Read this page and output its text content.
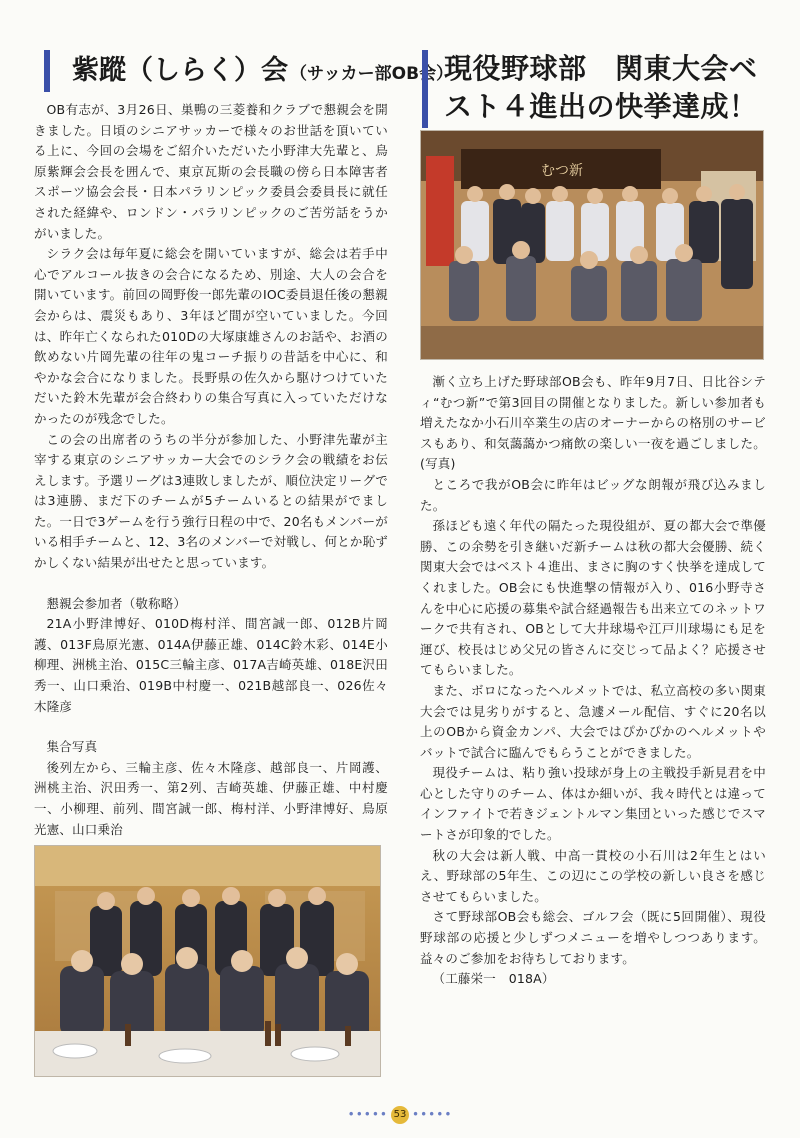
紫蹤（しらく）会 （サッカー部OB会）

OB有志が、3月26日、巣鴨の三菱養和クラブで懇親会を開きました。日頃のシニアサッカーで様々のお世話を頂いている上に、今回の会場をご紹介いただいた小野津大先輩と、鳥原紫輝会会長を囲んで、東京瓦斯の会長職の傍ら日本障害者スポーツ協会会長・日本パラリンピック委員会委員長に就任された経緯や、ロンドン・パラリンピックのご苦労話をうかがいました。

シラク会は毎年夏に総会を開いていますが、総会は若手中心でアルコール抜きの会合になるため、別途、大人の会合を開いています。前回の岡野俊一郎先輩のIOC委員退任後の懇親会からは、震災もあり、3年ほど間が空いていました。今回は、昨年亡くなられた010Dの大塚康雄さんのお話や、お酒の飲めない片岡先輩の往年の鬼コーチ振りの昔話を中心に、和やかな会合になりました。長野県の佐久から駆けつけていただいた鈴木先輩が会合終わりの集合写真に入っていただけなかったのが残念でした。

この会の出席者のうちの半分が参加した、小野津先輩が主宰する東京のシニアサッカー大会でのシラク会の戦績をお伝えします。予選リーグは3連敗しましたが、順位決定リーグでは3連勝、まだ下のチームが5チームいるとの結果がでました。一日で3ゲームを行う強行日程の中で、20名もメンバーがいる相手チームと、12、3名のメンバーで対戦し、何とか恥ずかしくない結果が出せたと思っています。

懇親会参加者（敬称略）

21A小野津博好、010D梅村洋、間宮誠一郎、012B片岡護、013F鳥原光憲、014A伊藤正雄、014C鈴木彩、014E小柳理、洲桃主治、015C三輪主彦、017A吉崎英雄、018E沢田秀一、山口乗治、019B中村慶一、021B越部良一、026佐々木隆彦

集合写真

後列左から、三輪主彦、佐々木隆彦、越部良一、片岡護、洲桃主治、沢田秀一、第2列、吉崎英雄、伊藤正雄、中村慶一、小柳理、前列、間宮誠一郎、梅村洋、小野津博好、鳥原光憲、山口乗治

現役野球部　関東大会ベ
スト４進出の快挙達成！

漸く立ち上げた野球部OB会も、昨年9月7日、日比谷シティ“むつ新”で第3回目の開催となりました。新しい参加者も増えたなか小石川卒業生の店のオーナーからの格別のサービスもあり、和気藹藹かつ痛飲の楽しい一夜を過ごしました。(写真)

ところで我がOB会に昨年はビッグな朗報が飛び込みました。

孫ほども遠く年代の隔たった現役組が、夏の都大会で準優勝、この余勢を引き継いだ新チームは秋の都大会優勝、続く関東大会ではベスト４進出、まさに胸のすく快挙を達成してくれました。OB会にも快進撃の情報が入り、016小野寺さんを中心に応援の募集や試合経過報告も出来立てのネットワークで共有され、OBとして大井球場や江戸川球場にも足を運び、校長はじめ父兄の皆さんに交じって品よく？応援させてもらいました。

また、ボロになったヘルメットでは、私立高校の多い関東大会では見劣りがすると、急遽メール配信、すぐに20名以上のOBから資金カンパ、大会ではぴかぴかのヘルメットやバットで試合に臨んでもらうことができました。

現役チームは、粘り強い投球が身上の主戦投手新見君を中心とした守りのチーム、体はか細いが、我々時代とは違ってインファイトで若きジェントルマン集団といった感じでスマートさが印象的でした。

秋の大会は新人戦、中高一貫校の小石川は2年生とはいえ、野球部の5年生、この辺にこの学校の新しい良さを感じさせてもらいました。

さて野球部OB会も総会、ゴルフ会（既に5回開催）、現役野球部の応援と少しずつメニューを増やしつつあります。益々のご参加をお待ちしております。

（工藤栄一　018A）

むつ新
••••• 53 •••••
